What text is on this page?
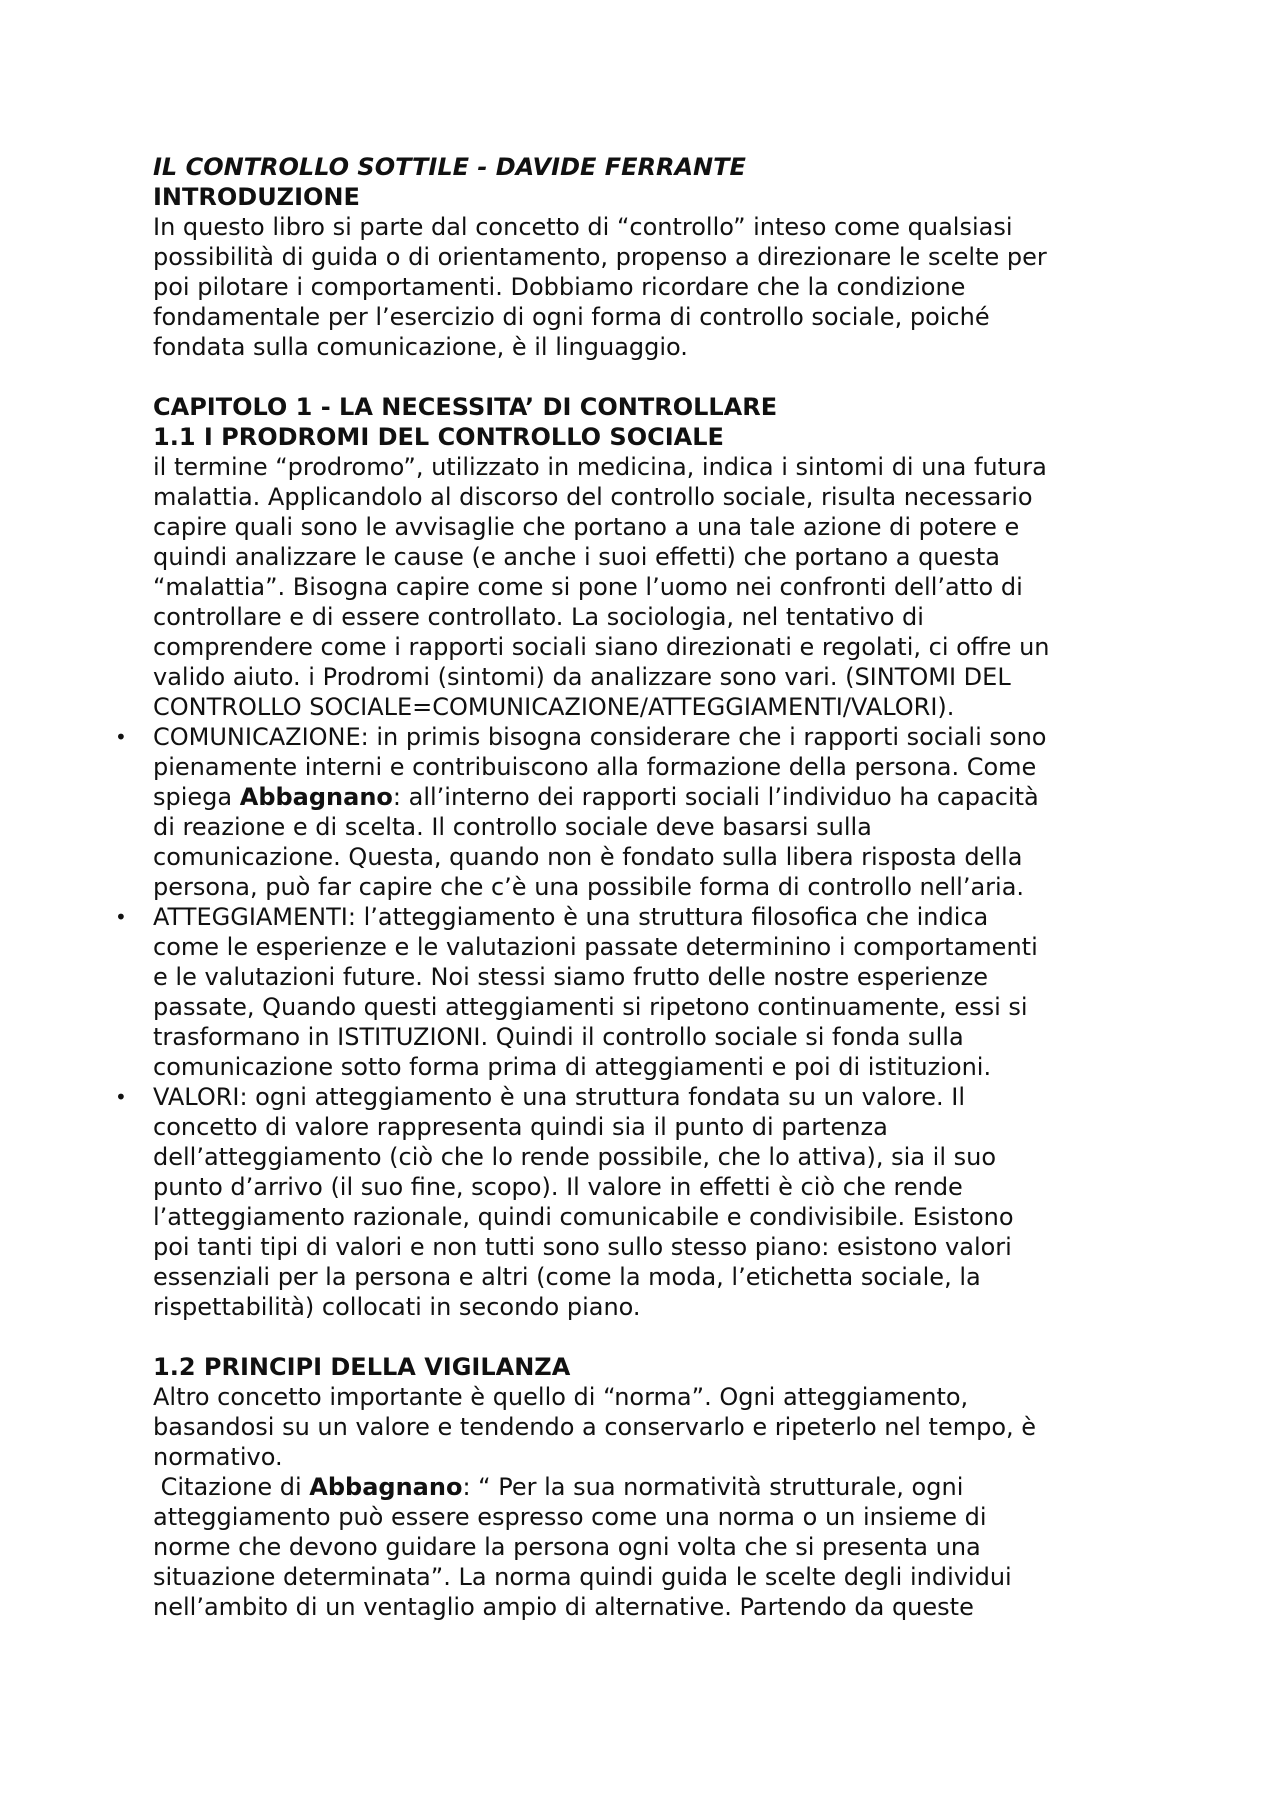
IL CONTROLLO SOTTILE - DAVIDE FERRANTE
INTRODUZIONE
In questo libro si parte dal concetto di “controllo” inteso come qualsiasi
possibilità di guida o di orientamento, propenso a direzionare le scelte per
poi pilotare i comportamenti. Dobbiamo ricordare che la condizione
fondamentale per l’esercizio di ogni forma di controllo sociale, poiché
fondata sulla comunicazione, è il linguaggio.
CAPITOLO 1 - LA NECESSITA’ DI CONTROLLARE
1.1 I PRODROMI DEL CONTROLLO SOCIALE
il termine “prodromo”, utilizzato in medicina, indica i sintomi di una futura
malattia. Applicandolo al discorso del controllo sociale, risulta necessario
capire quali sono le avvisaglie che portano a una tale azione di potere e
quindi analizzare le cause (e anche i suoi effetti) che portano a questa
“malattia”. Bisogna capire come si pone l’uomo nei confronti dell’atto di
controllare e di essere controllato. La sociologia, nel tentativo di
comprendere come i rapporti sociali siano direzionati e regolati, ci offre un
valido aiuto. i Prodromi (sintomi) da analizzare sono vari. (SINTOMI DEL
CONTROLLO SOCIALE=COMUNICAZIONE/ATTEGGIAMENTI/VALORI).
• COMUNICAZIONE: in primis bisogna considerare che i rapporti sociali sono
pienamente interni e contribuiscono alla formazione della persona. Come
spiega Abbagnano: all’interno dei rapporti sociali l’individuo ha capacità
di reazione e di scelta. Il controllo sociale deve basarsi sulla
comunicazione. Questa, quando non è fondato sulla libera risposta della
persona, può far capire che c’è una possibile forma di controllo nell’aria.
• ATTEGGIAMENTI: l’atteggiamento è una struttura filosofica che indica
come le esperienze e le valutazioni passate determinino i comportamenti
e le valutazioni future. Noi stessi siamo frutto delle nostre esperienze
passate, Quando questi atteggiamenti si ripetono continuamente, essi si
trasformano in ISTITUZIONI. Quindi il controllo sociale si fonda sulla
comunicazione sotto forma prima di atteggiamenti e poi di istituzioni.
• VALORI: ogni atteggiamento è una struttura fondata su un valore. Il
concetto di valore rappresenta quindi sia il punto di partenza
dell’atteggiamento (ciò che lo rende possibile, che lo attiva), sia il suo
punto d’arrivo (il suo fine, scopo). Il valore in effetti è ciò che rende
l’atteggiamento razionale, quindi comunicabile e condivisibile. Esistono
poi tanti tipi di valori e non tutti sono sullo stesso piano: esistono valori
essenziali per la persona e altri (come la moda, l’etichetta sociale, la
rispettabilità) collocati in secondo piano.
1.2 PRINCIPI DELLA VIGILANZA
Altro concetto importante è quello di “norma”. Ogni atteggiamento,
basandosi su un valore e tendendo a conservarlo e ripeterlo nel tempo, è
normativo.
Citazione di Abbagnano: “ Per la sua normatività strutturale, ogni
atteggiamento può essere espresso come una norma o un insieme di
norme che devono guidare la persona ogni volta che si presenta una
situazione determinata”. La norma quindi guida le scelte degli individui
nell’ambito di un ventaglio ampio di alternative. Partendo da queste
